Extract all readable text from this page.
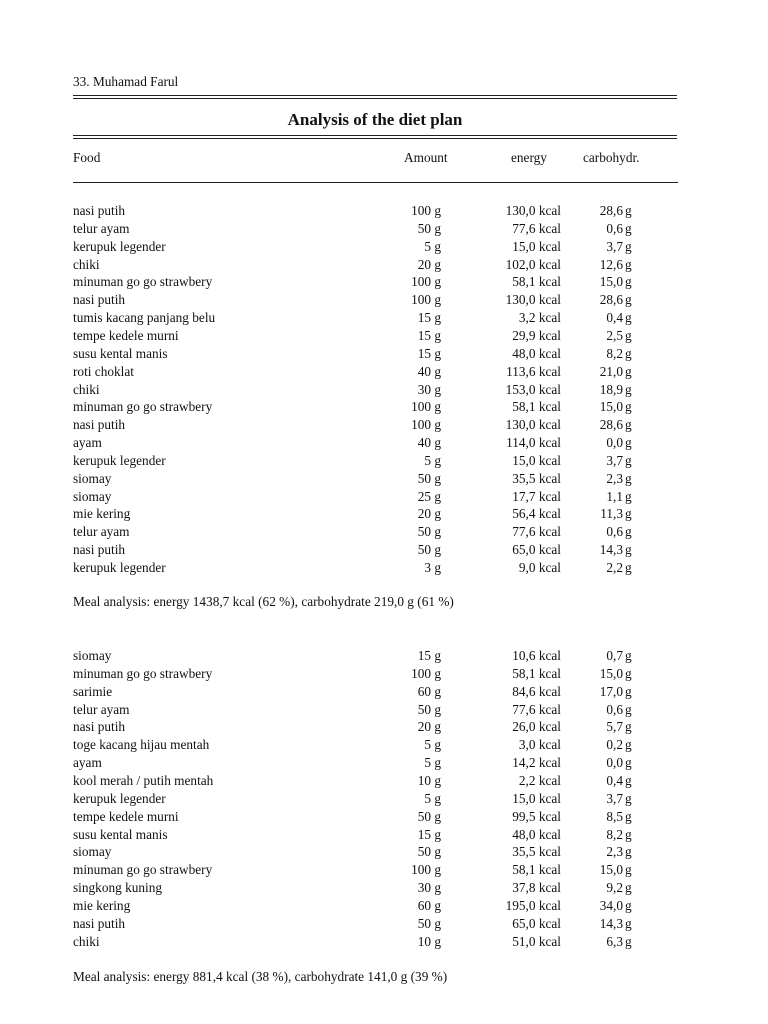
33. Muhamad Farul
Analysis of the diet plan
Food	Amount	energy	carbohydr.
nasi putih	100 g	130,0 kcal	28,6 g
telur ayam	50 g	77,6 kcal	0,6 g
kerupuk legender	5 g	15,0 kcal	3,7 g
chiki	20 g	102,0 kcal	12,6 g
minuman go go strawbery	100 g	58,1 kcal	15,0 g
nasi putih	100 g	130,0 kcal	28,6 g
tumis kacang panjang belu	15 g	3,2 kcal	0,4 g
tempe kedele murni	15 g	29,9 kcal	2,5 g
susu kental manis	15 g	48,0 kcal	8,2 g
roti choklat	40 g	113,6 kcal	21,0 g
chiki	30 g	153,0 kcal	18,9 g
minuman go go strawbery	100 g	58,1 kcal	15,0 g
nasi putih	100 g	130,0 kcal	28,6 g
ayam	40 g	114,0 kcal	0,0 g
kerupuk legender	5 g	15,0 kcal	3,7 g
siomay	50 g	35,5 kcal	2,3 g
siomay	25 g	17,7 kcal	1,1 g
mie kering	20 g	56,4 kcal	11,3 g
telur ayam	50 g	77,6 kcal	0,6 g
nasi putih	50 g	65,0 kcal	14,3 g
kerupuk legender	3 g	9,0 kcal	2,2 g
Meal analysis: energy 1438,7 kcal (62 %), carbohydrate 219,0 g (61 %)
siomay	15 g	10,6 kcal	0,7 g
minuman go go strawbery	100 g	58,1 kcal	15,0 g
sarimie	60 g	84,6 kcal	17,0 g
telur ayam	50 g	77,6 kcal	0,6 g
nasi putih	20 g	26,0 kcal	5,7 g
toge kacang hijau mentah	5 g	3,0 kcal	0,2 g
ayam	5 g	14,2 kcal	0,0 g
kool merah / putih mentah	10 g	2,2 kcal	0,4 g
kerupuk legender	5 g	15,0 kcal	3,7 g
tempe kedele murni	50 g	99,5 kcal	8,5 g
susu kental manis	15 g	48,0 kcal	8,2 g
siomay	50 g	35,5 kcal	2,3 g
minuman go go strawbery	100 g	58,1 kcal	15,0 g
singkong kuning	30 g	37,8 kcal	9,2 g
mie kering	60 g	195,0 kcal	34,0 g
nasi putih	50 g	65,0 kcal	14,3 g
chiki	10 g	51,0 kcal	6,3 g
Meal analysis: energy 881,4 kcal (38 %), carbohydrate 141,0 g (39 %)
